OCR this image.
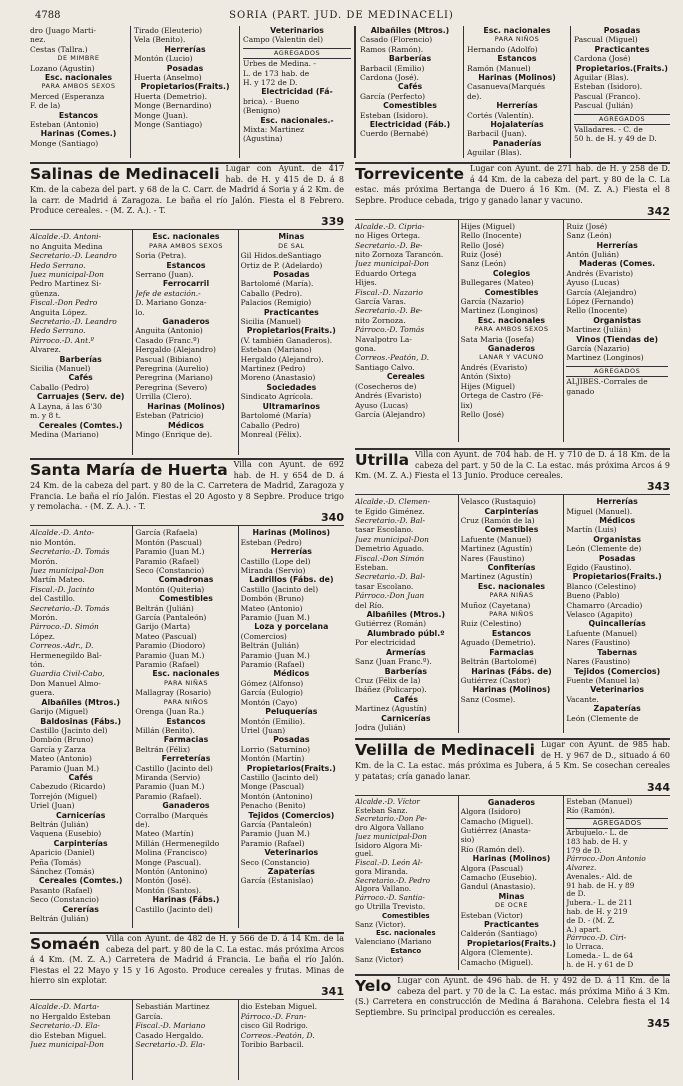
4788	SORIA (PART. JUD. DE MEDINACELI)
dro (Juago Marti-
nez.
Cestas (Tallra.)
DE MIMBRE
Lozano (Agustin)
Esc. nacionales
PARA AMBOS SEXOS
Merced (Esperanza
F. de la)
Estancos
Esteban (Antonio)
Harinas (Comes.)
Monge (Santiago)
Tirado (Eleuterio)
Vela (Benito).
Herrerías
Montón (Lucio)
Posadas
Huerta (Anselmo)
Propietarios(Fraits.)
Huerta (Demetrio).
Monge (Bernardino)
Monge (Juan).
Monge (Santiago)
Veterinarios
Campo (Valentin del)
AGREGADOS
Urbes de Medina. -
L. de 173 hab. de
H. y 172 de D.
Electricidad (Fá-
brica). - Bueno
(Benigno)
Esc. nacionales.-
Mixta: Martinez
(Agustina)
Albañiles (Mtros.)
Casado (Florencio)
Ramos (Ramón).
Barberías
Barbacil (Emilio)
Cardona (José).
Cafés
García (Perfecto)
Comestibles
Esteban (Isidoro).
Electricidad (Fáb.)
Cuerdo (Bernabé)
Esc. nacionales
PARA NIÑOS
Hernando (Adolfo)
Estancos
Ramón (Manuel)
Harinas (Molinos)
Casanueva(Marqués
de).
Herrerías
Cortés (Valentín).
Hojalaterías
Barbacil (Juan).
Panaderías
Aguilar (Blas).
Posadas
Pascual (Miguel)
Practicantes
Cardona (José)
Propietarios.(Fraits.)
Aguilar (Blas).
Esteban (Isidoro).
Pascual (Franco).
Pascual (Julián)
AGREGADOS
Valladares. - C. de
50 h. de H. y 49 de D.
Salinas de Medinaceli Lugar con Ayunt. de 417 hab. de H. y 415 de D. á 8 Km. de la cabeza del part. y 68 de la C. Carr. de Madrid á Soria y á 2 Km. de la carr. de Madrid á Zaragoza. Le baña el río Jalón. Fiesta el 8 Febrero. Produce cereales. - (M. Z. A.). - T.
339
Alcalde.-D. Antoni-
no Anguita Medina
Secretario.-D. Leandro Hedo Serrano.
Juez municipal-Don
Pedro Martinez Si-
güenza.
Fiscal.-Don Pedro
Anguita López.
Secretario.-D. Leandro Hedo Serrano.
Párroco.-D. Ant.º
Alvarez.
Barberías
Sicilia (Manuel)
Cafés
Caballo (Pedro)
Carruajes (Serv. de)
A Layna, á las 6'30
m. y 8 t.
Cereales (Comtes.)
Medina (Mariano)
Esc. nacionales
PARA AMBOS SEXOS
Soria (Petra).
Estancos
Serrano (Juan).
Ferrocarril
Jefe de estación.-
D. Mariano Gonza-
lo.
Ganaderos
Anguita (Antonio)
Casado (Franc.º)
Hergaldo (Alejandro)
Pascual (Bibiano)
Peregrina (Aurelio)
Peregrina (Mariano)
Peregrina (Severo)
Urrilla (Clero).
Harinas (Molinos)
Esteban (Patricio)
Médicos
Mingo (Enrique de).
Minas
DE SAL
Gil Hidos.deSantiago
Ortiz de P. (Adelardo)
Posadas
Bartolomé (María).
Caballo (Pedro).
Palacios (Remigio)
Practicantes
Sicilia (Manuel)
Propietarios(Fraits.)
(V. también Ganaderos).
Esteban (Mariano)
Hergaldo (Alejandro).
Martinez (Pedro)
Moreno (Anastasio)
Sociedades
Sindicato Agrícola.
Ultramarinos
Bartolomé (María)
Caballo (Pedro)
Monreal (Félix).
Torrevicente Lugar con Ayunt. de 271 hab. de H. y 258 de D. á 44 Km. de la cabeza del part. y 80 de la C. La estac. más próxima Bertanga de Duero á 16 Km. (M. Z. A.) Fiesta el 8 Sepbre. Produce cebada, trigo y ganado lanar y vacuno.
342
Alcalde.-D. Cipria-
no Higes Ortega.
Secretario.-D. Be-
nito Zornoza Tarancón.
Juez municipal-Don
Eduardo Ortega
Hijes.
Fiscal.-D. Nazario
García Varas.
Secretario.-D. Be-
nito Zornoza.
Párroco.-D. Tomás
Navalpotro La-
gona.
Correos.-Peatón, D.
Santiago Calvo.
Cereales
(Cosecheros de)
Andrés (Evaristo)
Ayuso (Lucas)
García (Alejandro)
Hijes (Miguel)
Rello (Inocente)
Rello (José)
Ruiz (José)
Sanz (León)
Colegios
Bullegares (Mateo)
Comestibles
García (Nazario)
Martinez (Longinos)
Esc. nacionales
PARA AMBOS SEXOS
Sata Maria (Josefa)
Ganaderos
LANAR Y VACUNO
Andrés (Evaristo)
Antón (Sixto)
Hijes (Miguel)
Ortega de Castro (Fé-
lix)
Rello (José)
Ruiz (José)
Sanz (León)
Herrerías
Antón (Julián)
Maderas (Comes.
Andrés (Evaristo)
Ayuso (Lucas)
García (Alejandro)
López (Fernando)
Rello (Inocente)
Organistas
Martinez (Julián)
Vinos (Tiendas de)
García (Nazario)
Martinez (Longinos)
AGREGADOS
ALJIBES.-Corrales de
ganado
Santa María de Huerta Villa con Ayunt. de 692 hab. de H. y 654 de D. á 24 Km. de la cabeza del part. y 80 de la C. Carretera de Madrid, Zaragoza y Francia. Le baña el río Jalón. Fiestas el 20 Agosto y 8 Sepbre. Produce trigo y remolacha. - (M. Z. A.). - T.
340
Alcalde.-D. Anto-
nio Montón.
Secretario.-D. Tomás
Morón.
Juez municipal-Don
Martín Mateo.
Fiscal.-D. Jacinto
del Castillo.
Secretario.-D. Tomás
Morón.
Párroco.-D. Simón
López.
Correos.-Adr., D.
Hermenegildo Bal-
tón.
Guardia Civil-Cabo,
Don Manuel Almo-
guera.
Albañiles (Mtros.)
Garijo (Miguel)
Baldosinas (Fábs.)
Castillo (Jacinto del)
Dombón (Bruno)
García y Zarza
Mateo (Antonio)
Paramio (Juan M.)
Cafés
Cabezudo (Ricardo)
Torrejón (Miguel)
Uriel (Juan)
Carnicerías
Beltrán (Julián)
Vaquena (Eusebio)
Carpinterías
Aparicio (Daniel)
Peña (Tomás)
Sánchez (Tomás)
Cereales (Comtes.)
Pasanto (Rafael)
Seco (Constancio)
Cererías
Beltrán (Julián)
García (Rafaela)
Montón (Pascual)
Paramio (Juan M.)
Paramio (Rafael)
Seco (Constancio)
Comadronas
Montón (Quiteria)
Comestibles
Beltrán (Julián)
García (Pantaleón)
Garijo (Marta)
Mateo (Pascual)
Paramio (Diodoro)
Paramio (Juan M.)
Paramio (Rafael)
Esc. nacionales
PARA NIÑAS
Mallagray (Rosario)
PARA NIÑOS
Orenga (Juan Ra.)
Estancos
Millán (Benito).
Farmacias
Beltrán (Félix)
Ferreterías
Castillo (Jacinto del)
Miranda (Servio)
Paramio (Juan M.)
Paramio (Rafael).
Ganaderos
Corralbo (Marqués
de).
Mateo (Martín)
Millán (Hermenegildo
Molina (Francisco)
Monge (Pascual).
Montón (Antonino)
Montón (José).
Montón (Santos).
Harinas (Fábs.)
Castillo (Jacinto del)
Harinas (Molinos)
Esteban (Pedro)
Herrerías
Castillo (Lope del)
Miranda (Servio)
Ladrillos (Fábs. de)
Castillo (Jacinto del)
Dombón (Bruno)
Mateo (Antonio)
Paramio (Juan M.)
Loza y porcelana
(Comercios)
Beltrán (Julián)
Paramio (Juan M.)
Paramio (Rafael)
Médicos
Gómez (Alfonso)
García (Eulogio)
Montón (Cayo)
Peluquerías
Montón (Emilio).
Uriel (Juan)
Posadas
Lorrio (Saturnino)
Montón (Martín)
Propietarios(Fraits.)
Castillo (Jacinto del)
Monge (Pascual)
Montón (Antonino)
Penacho (Benito)
Tejidos (Comercios)
García (Pantaleón)
Paramio (Juan M.)
Paramio (Rafael)
Veterinarios
Seco (Constancio)
Zapaterías
García (Estanislao)
Utrilla Villa con Ayunt. de 704 hab. de H. y 710 de D. á 18 Km. de la cabeza del part. y 50 de la C. La estac. más próxima Arcos á 9 Km. (M. Z. A.) Fiesta el 13 Junio. Produce cereales.
343
Alcalde.-D. Clemen-
te Egido Giménez.
Secretario.-D. Bal-
tasar Escolano.
Juez municipal-Don
Demetrio Aguado.
Fiscal.-Don Simón
Esteban.
Secretario.-D. Bal-
tasar Escolano.
Párroco.-Don Juan
del Río.
Albañiles (Mtros.)
Gutiérrez (Román)
Alumbrado públ.º
Por electricidad
Armerías
Sanz (Juan Franc.º).
Barberías
Cruz (Félix de la)
Ibáñez (Policarpo).
Cafés
Martinez (Agustín)
Carnicerías
Jodra (Julián)
Velasco (Rustaquio)
Carpinterías
Cruz (Ramón de la)
Comestibles
Lafuente (Manuel)
Martinez (Agustín)
Nares (Faustino)
Confiterías
Martinez (Agustín)
Esc. nacionales
PARA NIÑAS
Muñoz (Cayetana)
PARA NIÑOS
Ruiz (Celestino)
Estancos
Aguado (Demetrio).
Farmacias
Beltrán (Bartolomé)
Harinas (Fábs. de)
Gutiérrez (Castor)
Harinas (Molinos)
Sanz (Cosme).
Herrerías
Miguel (Manuel).
Médicos
Martín (Luis)
Organistas
León (Clemente de)
Posadas
Egido (Faustino).
Propietarios(Fraits.)
Blanco (Celestino)
Bueno (Pablo)
Chamarro (Arcadio)
Velasco (Agapito)
Quincallerías
Lafuente (Manuel)
Nares (Faustino)
Tabernas
Nares (Faustino)
Tejidos (Comercios)
Fuente (Manuel la)
Veterinarios
Vacante.
Zapaterías
León (Clemente de
Velilla de Medinaceli Lugar con Ayunt. de 985 hab. de H. y 967 de D., situado á 60 Km. de la C. La estac. más próxima es Jubera, á 5 Km. Se cosechan cereales y patatas; cría ganado lanar.
344
Alcalde.-D. Víctor
Esteban Sanz.
Secretario.-Don Pe-
dro Algora Vallano
Juez municipal-Don
Isidoro Algora Mi-
guel.
Fiscal.-D. León Al-
gora Miranda.
Secretario.-D. Pedro
Algora Vallano.
Párroco.-D. Santia-
go Utrilla Trevisto.
Comestibles
Sanz (Victor).
Esc. nacionales
Valenciano (Mariano
Estanco
Sanz (Victor)
Ganaderos
Algora (Isidoro)
Camacho (Miguel).
Gutiérrez (Anasta-
sio)
Río (Ramón del).
Harinas (Molinos)
Algora (Pascual)
Camacho (Eusebio).
Gandul (Anastasio).
Minas
DE OCRE
Esteban (Victor)
Practicantes
Calderón (Santiago)
Propietarios(Fraits.)
Algora (Clemente).
Camacho (Miguel).
Esteban (Manuel)
Río (Ramón).
AGREGADOS
Arbujuelo.- L. de
183 hab. de H. y
179 de D.
Párroco.-Don Antonio Alvarez.
Avenales.- Ald. de
91 hab. de H. y 89
de D.
Jubera.- L. de 211
hab. de H. y 219
de D. - (M. Z.
A.) apart.
Párroco.-D. Ciri-
lo Urraca.
Lomeda.- L. de 64
h. de H. y 61 de D
Somaén Villa con Ayunt. de 482 de H. y 566 de D. á 14 Km. de la cabeza del part. y 80 de la C. La estac. más próxima Arcos á 4 Km. (M. Z. A.) Carretera de Madrid á Francia. Le baña el río Jalón. Fiestas el 22 Mayo y 15 y 16 Agosto. Produce cereales y frutas. Minas de hierro sin explotar.
341
Alcalde.-D. Marta-
no Hergaldo Esteban
Secretario.-D. Ela-
dio Esteban Miguel.
Juez municipal-Don
Sebastián Martinez
García.
Fiscal.-D. Mariano
Casado Hergaldo.
Secretario.-D. Ela-
dio Esteban Miguel.
Párroco.-D. Fran-
cisco Gil Rodrigo.
Correos.-Peatón, D.
Toribio Barbacil.
Yelo Lugar con Ayunt. de 496 hab. de H. y 492 de D. á 11 Km. de la cabeza del part. y 70 de la C. La estac. más próxima Miño á 3 Km. (S.) Carretera en construcción de Medina á Barahona. Celebra fiesta el 14 Septiembre. Su principal producción es cereales.
345
